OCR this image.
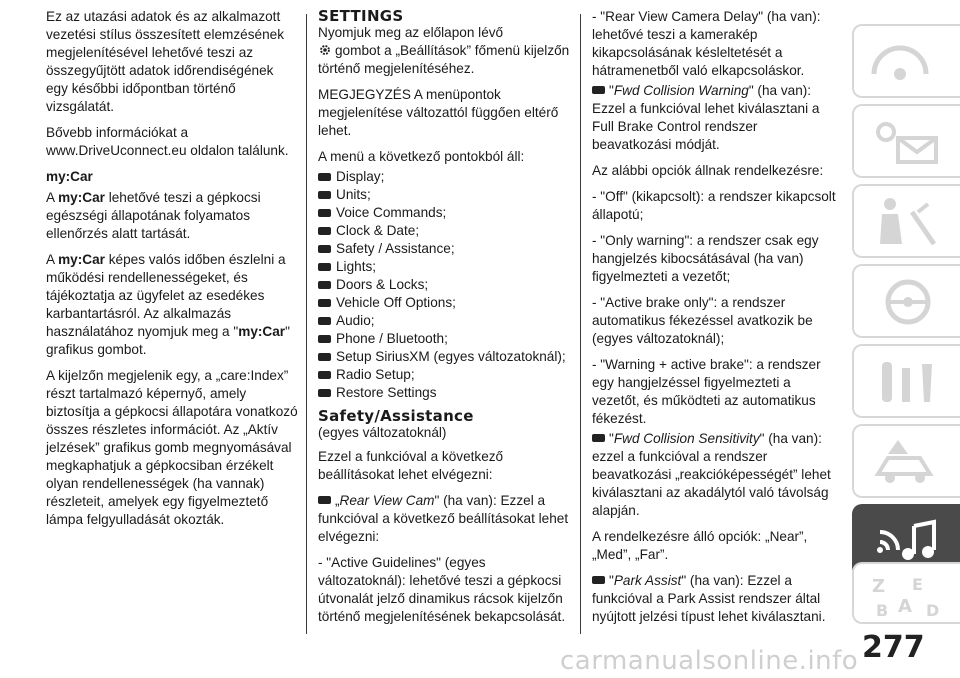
Ez az utazási adatok és az alkalmazott vezetési stílus összesített elemzésének megjelenítésével lehetővé teszi az összegyűjtött adatok időrendiségének egy későbbi időpontban történő vizsgálatát.

Bővebb információkat a www.DriveUconnect.eu oldalon találunk.

my:Car

A my:Car lehetővé teszi a gépkocsi egészségi állapotának folyamatos ellenőrzés alatt tartását.

A my:Car képes valós időben észlelni a működési rendellenességeket, és tájékoztatja az ügyfelet az esedékes karbantartásról. Az alkalmazás használatához nyomjuk meg a "my:Car" grafikus gombot.

A kijelzőn megjelenik egy, a „care:Index” részt tartalmazó képernyő, amely biztosítja a gépkocsi állapotára vonatkozó összes részletes információt. Az „Aktív jelzések” grafikus gomb megnyomásával megkaphatjuk a gépkocsiban érzékelt olyan rendellenességek (ha vannak) részleteit, amelyek egy figyelmeztető lámpa felgyulladását okozták.

SETTINGS

Nyomjuk meg az előlapon lévő
gombot a „Beállítások” főmenü kijelzőn történő megjelenítéséhez.

MEGJEGYZÉS A menüpontok megjelenítése változattól függően eltérő lehet.

A menü a következő pontokból áll:

Display;
Units;
Voice Commands;
Clock & Date;
Safety / Assistance;
Lights;
Doors & Locks;
Vehicle Off Options;
Audio;
Phone / Bluetooth;
Setup SiriusXM (egyes változatoknál);
Radio Setup;
Restore Settings
Safety/Assistance

(egyes változatoknál)

Ezzel a funkcióval a következő beállításokat lehet elvégezni:

„Rear View Cam" (ha van): Ezzel a funkcióval a következő beállításokat lehet elvégezni:

- "Active Guidelines" (egyes változatoknál): lehetővé teszi a gépkocsi útvonalát jelző dinamikus rácsok kijelzőn történő megjelenítésének bekapcsolását.

- "Rear View Camera Delay" (ha van): lehetővé teszi a kamerakép kikapcsolásának késleltetését a hátramenetből való elkapcsoláskor.

"Fwd Collision Warning" (ha van): Ezzel a funkcióval lehet kiválasztani a Full Brake Control rendszer beavatkozási módját.

Az alábbi opciók állnak rendelkezésre:

- "Off" (kikapcsolt): a rendszer kikapcsolt állapotú;

- "Only warning": a rendszer csak egy hangjelzés kibocsátásával (ha van) figyelmezteti a vezetőt;

- "Active brake only": a rendszer automatikus fékezéssel avatkozik be (egyes változatoknál);

- "Warning + active brake": a rendszer egy hangjelzéssel figyelmezteti a vezetőt, és működteti az automatikus fékezést.

"Fwd Collision Sensitivity" (ha van): ezzel a funkcióval a rendszer beavatkozási „reakcióképességét” lehet kiválasztani az akadálytól való távolság alapján.

A rendelkezésre álló opciók: „Near”, „Med”, „Far”.

"Park Assist" (ha van): Ezzel a funkcióval a Park Assist rendszer által nyújtott jelzési típust lehet kiválasztani.

Z E
B A D
277
carmanualsonline.info
